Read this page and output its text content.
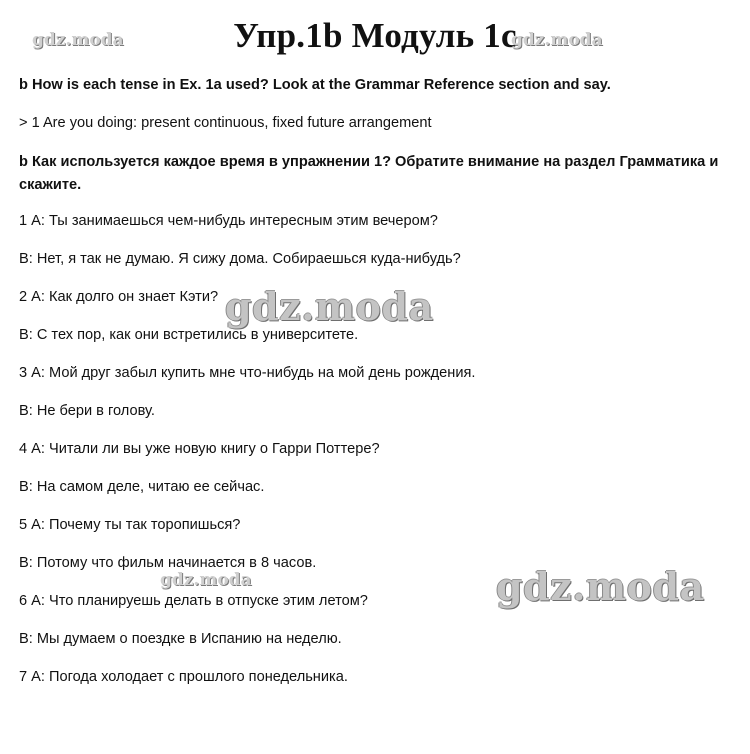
Упр.1b Модуль 1c
gdz.moda	gdz.moda
b How is each tense in Ex. 1a used? Look at the Grammar Reference section and say.
> 1 Are you doing: present continuous, fixed future arrangement
b Как используется каждое время в упражнении 1? Обратите внимание на раздел Грамматика и скажите.
1 А: Ты занимаешься чем-нибудь интересным этим вечером?
В: Нет, я так не думаю. Я сижу дома. Собираешься куда-нибудь?
2 А: Как долго он знает Кэти?
В: С тех пор, как они встретились в университете.
3 А: Мой друг забыл купить мне что-нибудь на мой день рождения.
В: Не бери в голову.
4 А: Читали ли вы уже новую книгу о Гарри Поттере?
В: На самом деле, читаю ее сейчас.
5 А: Почему ты так торопишься?
В: Потому что фильм начинается в 8 часов.
6 А: Что планируешь делать в отпуске этим летом?
В: Мы думаем о поездке в Испанию на неделю.
7 А: Погода холодает с прошлого понедельника.
gdz.moda
gdz.moda	gdz.moda
